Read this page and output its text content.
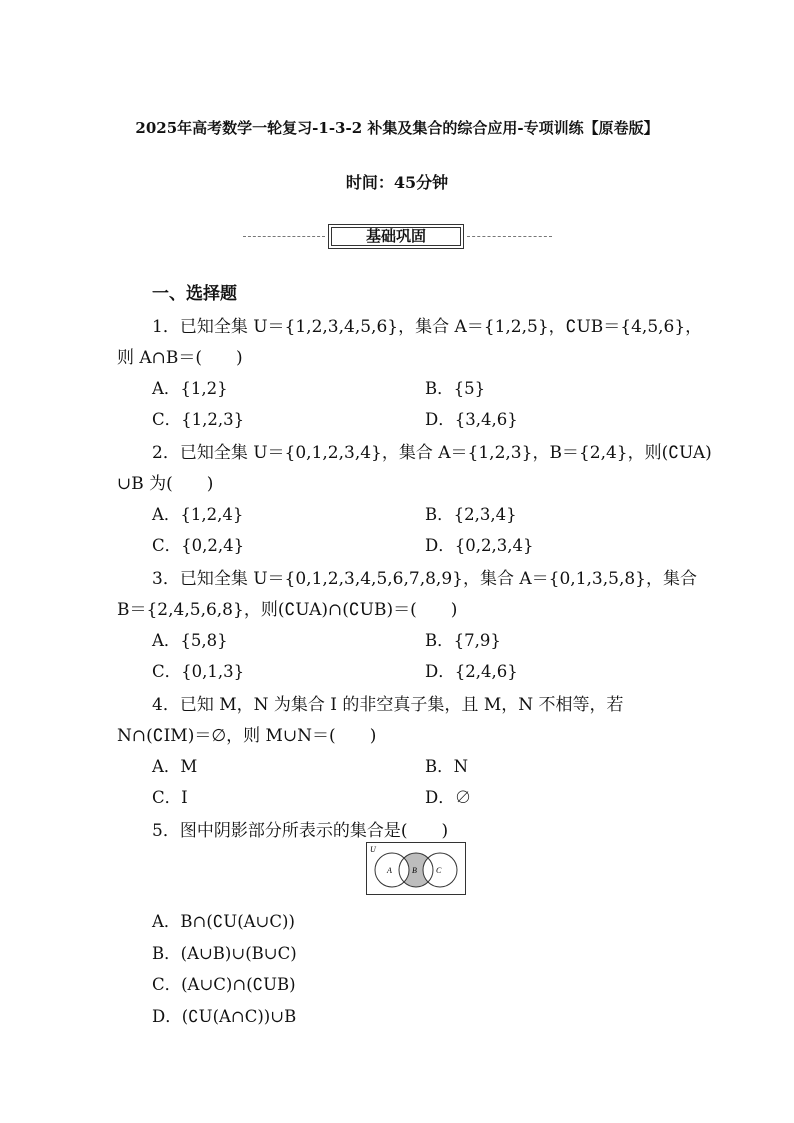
2025年高考数学一轮复习-1-3-2 补集及集合的综合应用-专项训练【原卷版】
时间：45分钟
基础巩固
一、选择题
1．已知全集 U＝{1,2,3,4,5,6}，集合 A＝{1,2,5}，∁UB＝{4,5,6}，
则 A∩B＝(　　)
A．{1,2}	B．{5}
C．{1,2,3}	D．{3,4,6}
2．已知全集 U＝{0,1,2,3,4}，集合 A＝{1,2,3}，B＝{2,4}，则(∁UA)
∪B 为(　　)
A．{1,2,4}	B．{2,3,4}
C．{0,2,4}	D．{0,2,3,4}
3．已知全集 U＝{0,1,2,3,4,5,6,7,8,9}，集合 A＝{0,1,3,5,8}，集合
B＝{2,4,5,6,8}，则(∁UA)∩(∁UB)＝(　　)
A．{5,8}	B．{7,9}
C．{0,1,3}	D．{2,4,6}
4．已知 M，N 为集合 I 的非空真子集，且 M，N 不相等，若
N∩(∁IM)＝∅，则 M∪N＝(　　)
A．M	B．N
C．I	D．∅
5．图中阴影部分所表示的集合是(　　)
U
A	B C
A．B∩(∁U(A∪C))
B．(A∪B)∪(B∪C)
C．(A∪C)∩(∁UB)
D．(∁U(A∩C))∪B
